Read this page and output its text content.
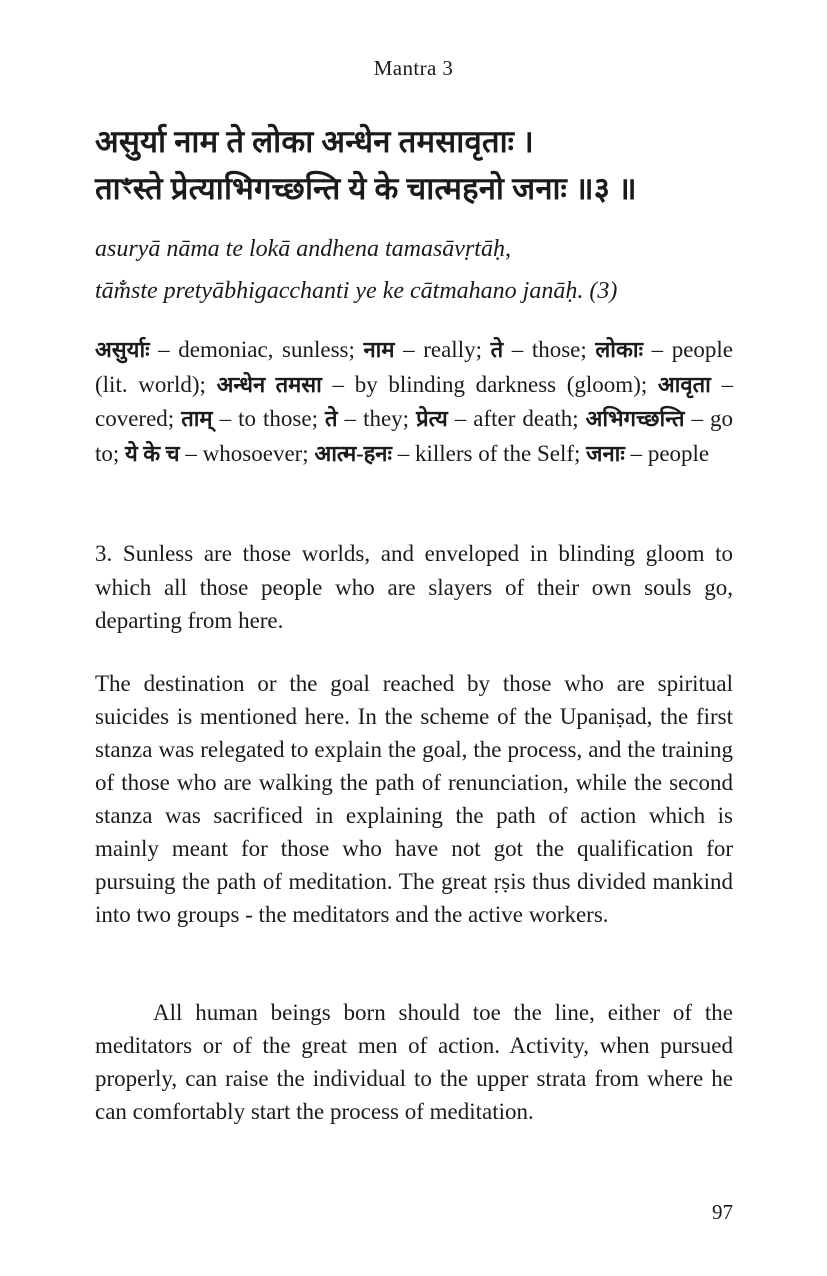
Mantra 3
असुर्या नाम ते लोका अन्धेन तमसावृताः ।
ताꣳस्ते प्रेत्याभिगच्छन्ति ये के चात्महनो जनाः ॥३ ॥
asuryā nāma te lokā andhena tamasāvṛtāḥ,
tām̐ste pretyābhigacchanti ye ke cātmahano janāḥ. (3)

असुर्याः – demoniac, sunless; नाम – really; ते – those; लोकाः – people (lit. world); अन्धेन तमसा – by blinding darkness (gloom); आवृता – covered; ताम् – to those; ते – they; प्रेत्य – after death; अभिगच्छन्ति – go to; ये के च – whosoever; आत्म-हनः – killers of the Self; जनाः – people

3. Sunless are those worlds, and enveloped in blinding gloom to which all those people who are slayers of their own souls go, departing from here.

The destination or the goal reached by those who are spiritual suicides is mentioned here. In the scheme of the Upaniṣad, the first stanza was relegated to explain the goal, the process, and the training of those who are walking the path of renunciation, while the second stanza was sacrificed in explaining the path of action which is mainly meant for those who have not got the qualification for pursuing the path of meditation. The great ṛṣis thus divided mankind into two groups - the meditators and the active workers.

All human beings born should toe the line, either of the meditators or of the great men of action. Activity, when pursued properly, can raise the individual to the upper strata from where he can comfortably start the process of meditation.

97
